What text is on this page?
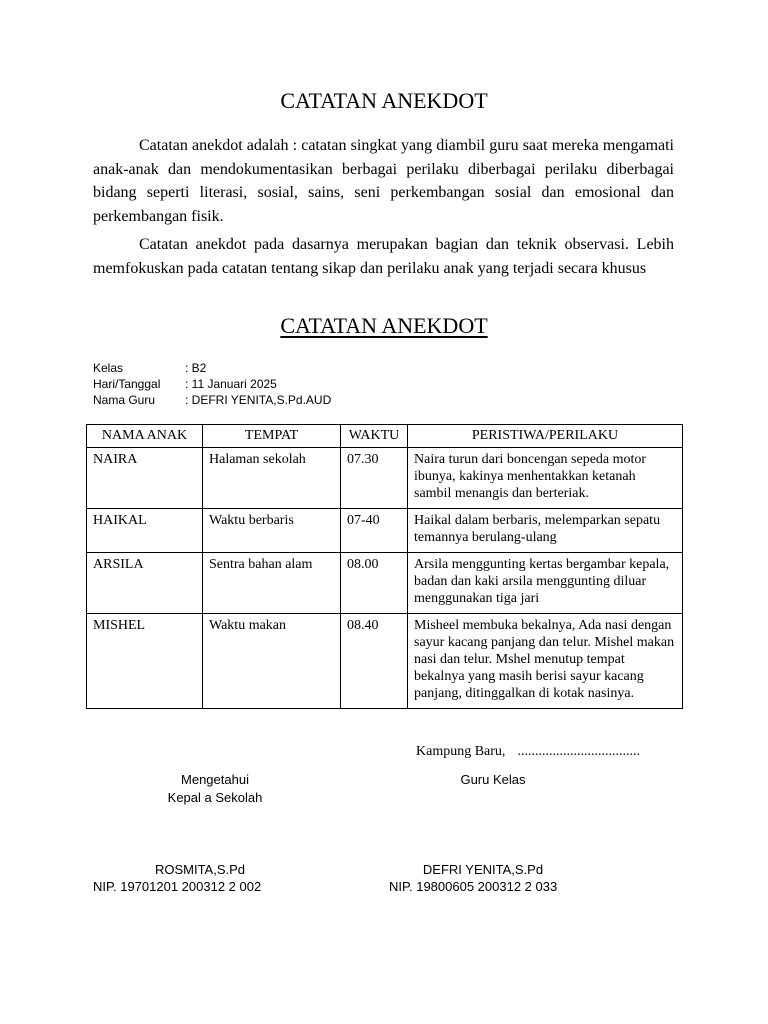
CATATAN ANEKDOT
Catatan anekdot adalah : catatan singkat yang diambil guru saat mereka mengamati anak-anak dan mendokumentasikan berbagai perilaku diberbagai perilaku diberbagai bidang seperti literasi, sosial, sains, seni perkembangan sosial dan emosional dan perkembangan fisik.
Catatan anekdot pada dasarnya merupakan bagian dan teknik observasi. Lebih memfokuskan pada catatan tentang sikap dan perilaku anak yang terjadi secara khusus
CATATAN ANEKDOT
Kelas	: B2
Hari/Tanggal	: 11 Januari 2025
Nama Guru	: DEFRI YENITA,S.Pd.AUD
NAMA ANAK	TEMPAT	WAKTU	PERISTIWA/PERILAKU
NAIRA	Halaman sekolah	07.30	Naira turun dari boncengan sepeda motor ibunya, kakinya menhentakkan ketanah sambil menangis dan berteriak.
HAIKAL	Waktu berbaris	07-40	Haikal dalam berbaris, melemparkan sepatu temannya berulang-ulang
ARSILA	Sentra bahan alam	08.00	Arsila menggunting kertas bergambar kepala, badan dan kaki arsila menggunting diluar menggunakan tiga jari
MISHEL	Waktu makan	08.40	Misheel membuka bekalnya, Ada nasi dengan sayur kacang panjang dan telur. Mishel makan nasi dan telur. Mshel menutup tempat bekalnya yang masih berisi sayur kacang panjang, ditinggalkan di kotak nasinya.
Kampung Baru, ...................................
Mengetahui
Kepal a Sekolah
Guru Kelas
ROSMITA,S.Pd
NIP. 19701201 200312 2 002
DEFRI YENITA,S.Pd
NIP. 19800605 200312 2 033
